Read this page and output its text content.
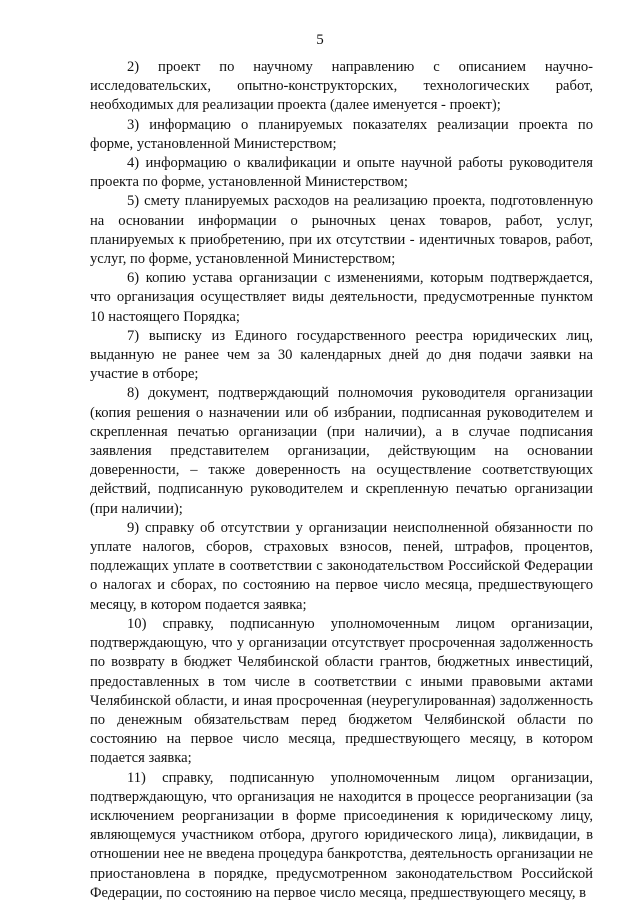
5

2) проект по научному направлению с описанием научно-исследовательских, опытно-конструкторских, технологических работ, необходимых для реализации проекта (далее именуется - проект);

3) информацию о планируемых показателях реализации проекта по форме, установленной Министерством;

4) информацию о квалификации и опыте научной работы руководителя проекта по форме, установленной Министерством;

5) смету планируемых расходов на реализацию проекта, подготовленную на основании информации о рыночных ценах товаров, работ, услуг, планируемых к приобретению, при их отсутствии - идентичных товаров, работ, услуг, по форме, установленной Министерством;

6) копию устава организации с изменениями, которым подтверждается, что организация осуществляет виды деятельности, предусмотренные пунктом 10 настоящего Порядка;

7) выписку из Единого государственного реестра юридических лиц, выданную не ранее чем за 30 календарных дней до дня подачи заявки на участие в отборе;

8) документ, подтверждающий полномочия руководителя организации (копия решения о назначении или об избрании, подписанная руководителем и скрепленная печатью организации (при наличии), а в случае подписания заявления представителем организации, действующим на основании доверенности, – также доверенность на осуществление соответствующих действий, подписанную руководителем и скрепленную печатью организации (при наличии);

9) справку об отсутствии у организации неисполненной обязанности по уплате налогов, сборов, страховых взносов, пеней, штрафов, процентов, подлежащих уплате в соответствии с законодательством Российской Федерации о налогах и сборах, по состоянию на первое число месяца, предшествующего месяцу, в котором подается заявка;

10) справку, подписанную уполномоченным лицом организации, подтверждающую, что у организации отсутствует просроченная задолженность по возврату в бюджет Челябинской области грантов, бюджетных инвестиций, предоставленных в том числе в соответствии с иными правовыми актами Челябинской области, и иная просроченная (неурегулированная) задолженность по денежным обязательствам перед бюджетом Челябинской области по состоянию на первое число месяца, предшествующего месяцу, в котором подается заявка;

11) справку, подписанную уполномоченным лицом организации, подтверждающую, что организация не находится в процессе реорганизации (за исключением реорганизации в форме присоединения к юридическому лицу, являющемуся участником отбора, другого юридического лица), ликвидации, в отношении нее не введена процедура банкротства, деятельность организации не приостановлена в порядке, предусмотренном законодательством Российской Федерации, по состоянию на первое число месяца, предшествующего месяцу, в
